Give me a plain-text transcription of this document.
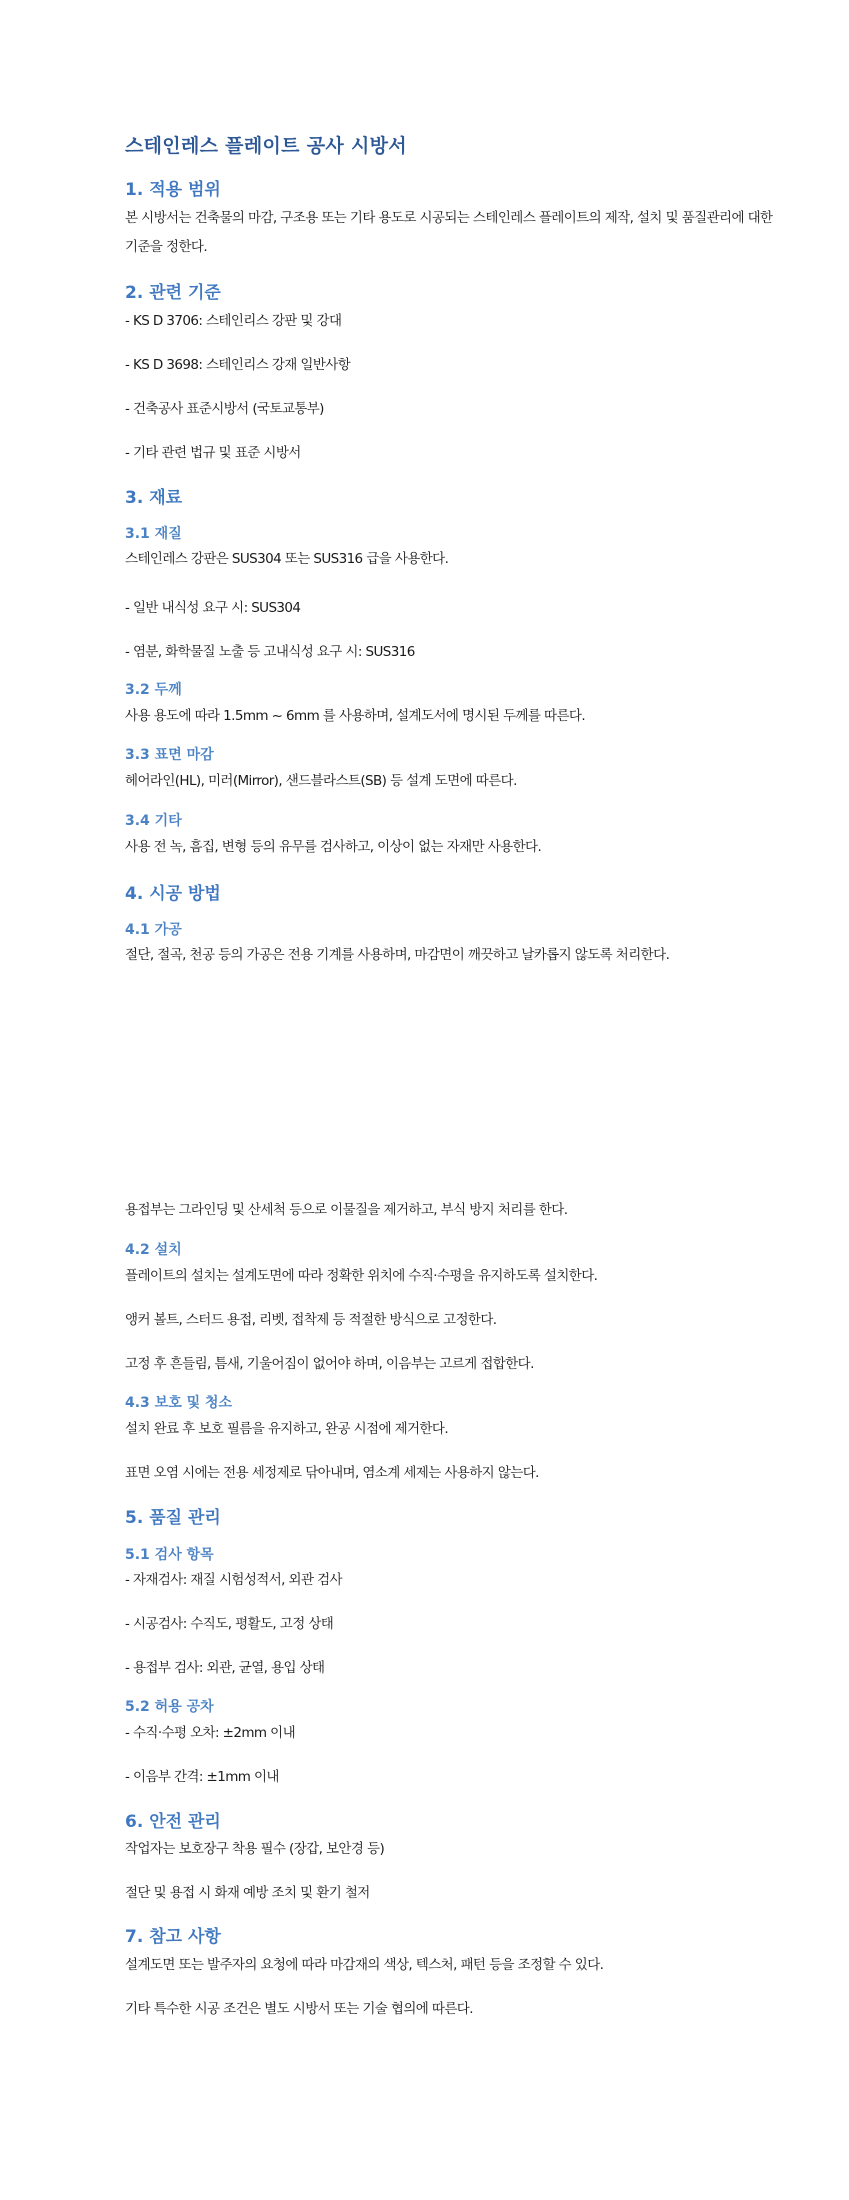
스테인레스 플레이트 공사 시방서
1. 적용 범위
본 시방서는 건축물의 마감, 구조용 또는 기타 용도로 시공되는 스테인레스 플레이트의 제작, 설치 및 품질관리에 대한
기준을 정한다.
2. 관련 기준
- KS D 3706: 스테인리스 강판 및 강대
- KS D 3698: 스테인리스 강재 일반사항
- 건축공사 표준시방서 (국토교통부)
- 기타 관련 법규 및 표준 시방서
3. 재료
3.1 재질
스테인레스 강판은 SUS304 또는 SUS316 급을 사용한다.
- 일반 내식성 요구 시: SUS304
- 염분, 화학물질 노출 등 고내식성 요구 시: SUS316
3.2 두께
사용 용도에 따라 1.5mm ~ 6mm 를 사용하며, 설계도서에 명시된 두께를 따른다.
3.3 표면 마감
헤어라인(HL), 미러(Mirror), 샌드블라스트(SB) 등 설계 도면에 따른다.
3.4 기타
사용 전 녹, 흠집, 변형 등의 유무를 검사하고, 이상이 없는 자재만 사용한다.
4. 시공 방법
4.1 가공
절단, 절곡, 천공 등의 가공은 전용 기계를 사용하며, 마감면이 깨끗하고 날카롭지 않도록 처리한다.
용접부는 그라인딩 및 산세척 등으로 이물질을 제거하고, 부식 방지 처리를 한다.
4.2 설치
플레이트의 설치는 설계도면에 따라 정확한 위치에 수직·수평을 유지하도록 설치한다.
앵커 볼트, 스터드 용접, 리벳, 접착제 등 적절한 방식으로 고정한다.
고정 후 흔들림, 틈새, 기울어짐이 없어야 하며, 이음부는 고르게 접합한다.
4.3 보호 및 청소
설치 완료 후 보호 필름을 유지하고, 완공 시점에 제거한다.
표면 오염 시에는 전용 세정제로 닦아내며, 염소계 세제는 사용하지 않는다.
5. 품질 관리
5.1 검사 항목
- 자재검사: 재질 시험성적서, 외관 검사
- 시공검사: 수직도, 평활도, 고정 상태
- 용접부 검사: 외관, 균열, 용입 상태
5.2 허용 공차
- 수직·수평 오차: ±2mm 이내
- 이음부 간격: ±1mm 이내
6. 안전 관리
작업자는 보호장구 착용 필수 (장갑, 보안경 등)
절단 및 용접 시 화재 예방 조치 및 환기 철저
7. 참고 사항
설계도면 또는 발주자의 요청에 따라 마감재의 색상, 텍스처, 패턴 등을 조정할 수 있다.
기타 특수한 시공 조건은 별도 시방서 또는 기술 협의에 따른다.
